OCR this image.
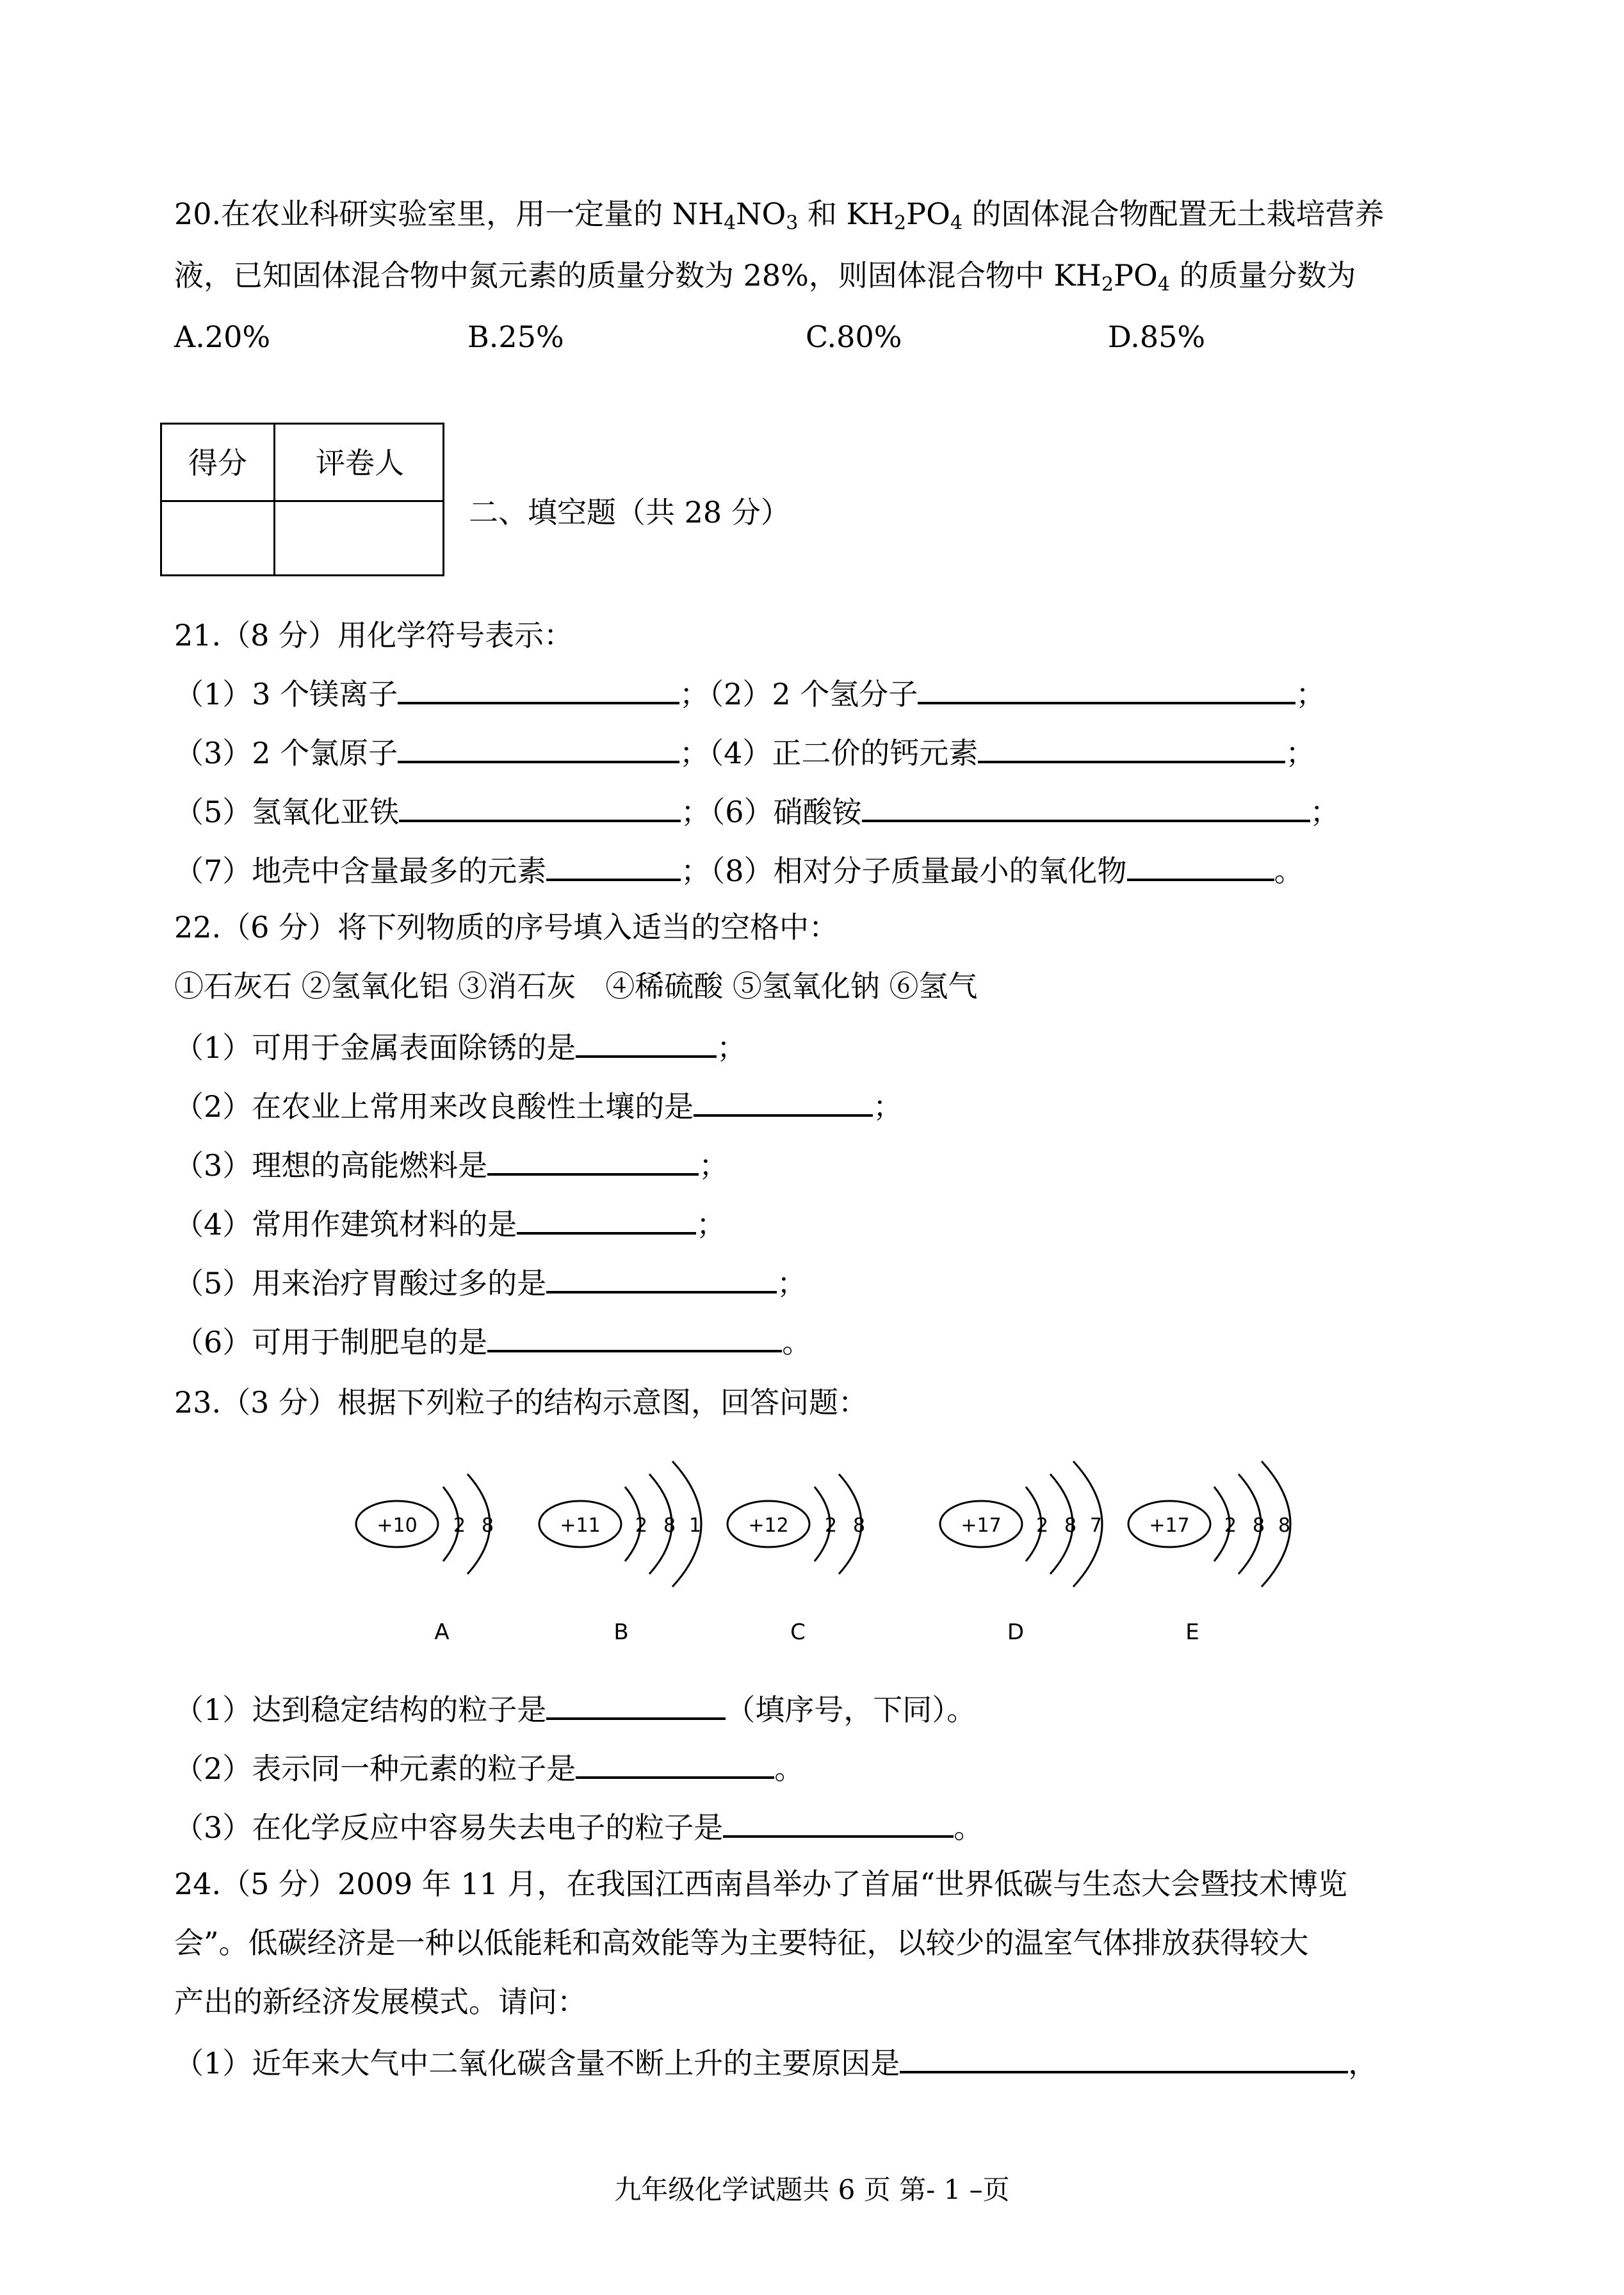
20.在农业科研实验室里，用一定量的 $NH_4NO_3$ 和 $KH_2PO_4$ 的固体混合物配置无土栽培营养
液，已知固体混合物中氮元素的质量分数为 28%，则固体混合物中 $KH_2PO_4$ 的质量分数为
A.20%	B.25%	C.80%	D.85%
得分	评卷人
二、填空题（共 28 分）
21.（8 分）用化学符号表示：
（1）3 个镁离子	；（2）2 个氢分子	；
（3）2 个氯原子	；（4）正二价的钙元素	；
（5）氢氧化亚铁	；（6）硝酸铵	；
（7）地壳中含量最多的元素	；（8）相对分子质量最小的氧化物	。
22.（6 分）将下列物质的序号填入适当的空格中：
①石灰石 ②氢氧化铝 ③消石灰　④稀硫酸 ⑤氢氧化钠 ⑥氢气
（1）可用于金属表面除锈的是	；
（2）在农业上常用来改良酸性土壤的是	；
（3）理想的高能燃料是	；
（4）常用作建筑材料的是	；
（5）用来治疗胃酸过多的是	；
（6）可用于制肥皂的是	。
23.（3 分）根据下列粒子的结构示意图，回答问题：
+10 2 8
A
+11 2 8 1
B
+12 2 8
C
+17 2 8 7
D
+17 2 8 8
E
（1）达到稳定结构的粒子是	（填序号，下同）。
（2）表示同一种元素的粒子是	。
（3）在化学反应中容易失去电子的粒子是	。
24.（5 分）2009 年 11 月，在我国江西南昌举办了首届“世界低碳与生态大会暨技术博览
会”。低碳经济是一种以低能耗和高效能等为主要特征，以较少的温室气体排放获得较大
产出的新经济发展模式。请问：
（1）近年来大气中二氧化碳含量不断上升的主要原因是	，
九年级化学试题共 6 页 第- 1 –页
